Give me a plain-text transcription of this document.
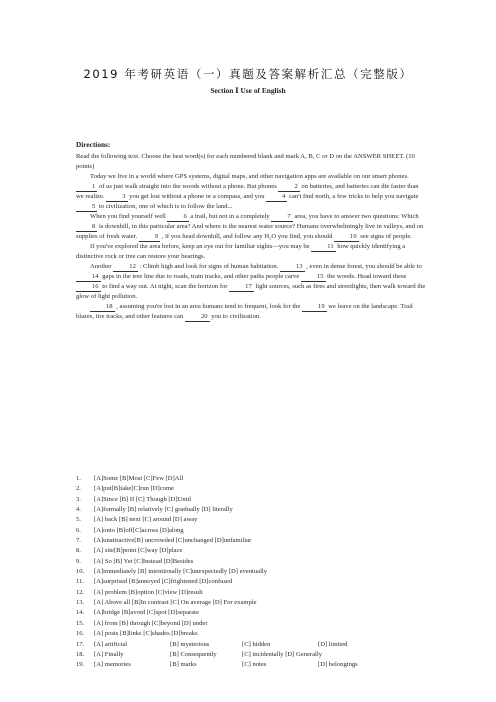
2019 年考研英语（一）真题及答案解析汇总（完整版）
Section Ⅰ Use of English
Directions:

Read the following text. Choose the best word(s) for each numbered blank and mark A, B, C or D on the ANSWER SHEET. (10 points)

Today we live in a world where GPS systems, digital maps, and other navigation apps are available on our smart phones. 1 of us just walk straight into the woods without a phone. But phones	2 on batteries, and batteries can die faster than we realize.	3 you get lost without a phone or a compass, and you	4 can't find north, a few tricks to help you navigate 5 to civilization, one of which is to follow the land...

When you find yourself well	6 a trail, but not in a completely	7 area, you have to answer two questions: Which 8 is downhill, in this particular area? And where is the nearest water source? Humans overwhelmingly live in valleys, and on supplies of fresh water.	9 , if you head downhill, and follow any H₂O you find, you should	10 see signs of people.

If you've explored the area before, keep an eye out for familiar sights—you may be	11 how quickly identifying a distinctive rock or tree can restore your bearings.

Another	12 : Climb high and look for signs of human habitation.	13 , even in dense forest, you should be able to 14 gaps in the tree line due to roads, train tracks, and other paths people carve	15 the woods. Head toward these 16 to find a way out. At night, scan the horizon for	17 light sources, such as fires and streetlights, then walk toward the glow of light pollution.

18 , assuming you're lost in an area humans tend to frequent, look for the	19 we leave on the landscape. Trail blazes, tire tracks, and other features can	20 you to civilization.

1.	[A]Some [B]Most [C]Few [D]All
2.	[A]put[B]take[C]run [D]come
3.	[A]Since [B] If [C] Though [D]Until
4.	[A]formally [B] relatively [C] gradually [D] literally
5.	[A] back [B] next [C] around [D] away
6.	[A]onto [B]off[C]across [D]along
7.	[A]unattractive[B] uncrowded [C]unchanged [D]unfamiliar
8.	[A] site[B]point [C]way [D]place
9.	[A] So [B] Yet [C]Instead [D]Besides
10.	[A]immediately [B] intentionally [C]unexpectedly [D] eventually
11.	[A]surprised [B]annoyed [C]frightened [D]confused
12.	[A] problem [B]option [C]view [D]result
13.	[A] Above all [B]In contrast [C] On average [D] For example
14.	[A]bridge [B]avoid [C]spot [D]separate
15.	[A] from [B] through [C]beyond [D] under
16.	[A] posts [B]links [C]shades [D]breaks
17.	[A] artificial	[B] mysterious	[C] hidden	[D] limited
18.	[A] Finally	[B] Consequently	[C] incidentally [D] Generally
19.	[A] memories	[B] marks	[C] notes	[D] belongings
